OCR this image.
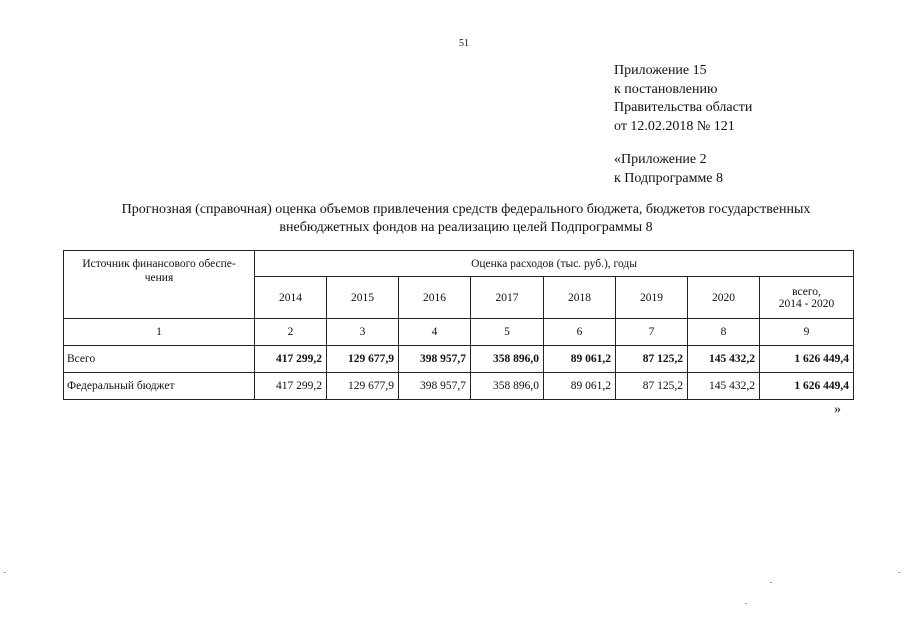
51
Приложение 15
к постановлению
Правительства области
от 12.02.2018 № 121
«Приложение 2
к Подпрограмме 8
Прогнозная (справочная) оценка объемов привлечения средств федерального бюджета, бюджетов государственных
внебюджетных фондов на реализацию целей Подпрограммы 8
Источник финансового обеспе-
чения	Оценка расходов (тыс. руб.), годы							
	2014	2015	2016	2017	2018	2019	2020	всего,
2014 - 2020

1	2	3	4	5	6	7	8	9
Всего	417 299,2	129 677,9	398 957,7	358 896,0	89 061,2	87 125,2	145 432,2	1 626 449,4
Федеральный бюджет	417 299,2	129 677,9	398 957,7	358 896,0	89 061,2	87 125,2	145 432,2	1 626 449,4
»
